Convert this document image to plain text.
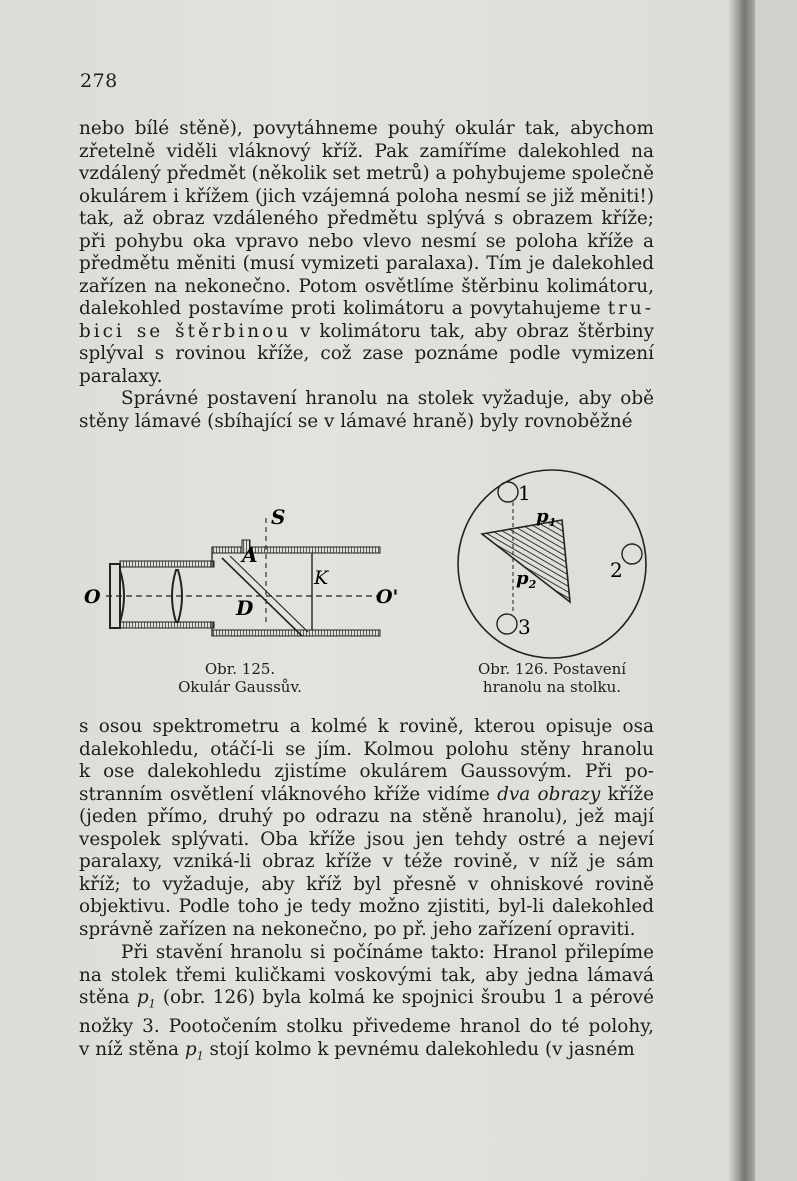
278
nebo bílé stěně), povytáhneme pouhý okulár tak, abychom
zřetelně viděli vláknový kříž. Pak zamíříme dalekohled na
vzdálený předmět (několik set metrů) a pohybujeme společně
okulárem i křížem (jich vzájemná poloha nesmí se již měniti!)
tak, až obraz vzdáleného předmětu splývá s obrazem kříže;
při pohybu oka vpravo nebo vlevo nesmí se poloha kříže a
předmětu měniti (musí vymizeti paralaxa). Tím je dalekohled
zařízen na nekonečno. Potom osvětlíme štěrbinu kolimátoru,
dalekohled postavíme proti kolimátoru a povytahujeme tru-
bici se štěrbinou v kolimátoru tak, aby obraz štěrbiny
splýval s rovinou kříže, což zase poznáme podle vymizení
paralaxy.
Správné postavení hranolu na stolek vyžaduje, aby obě
stěny lámavé (sbíhající se v lámavé hraně) byly rovnoběžné
S
A
K
O	O'
D
Obr. 125.
Okulár Gaussův.
1
2
3
$p_1$
$p_2$
Obr. 126. Postavení
hranolu na stolku.
s osou spektrometru a kolmé k rovině, kterou opisuje osa
dalekohledu, otáčí-li se jím. Kolmou polohu stěny hranolu
k ose dalekohledu zjistíme okulárem Gaussovým. Při po-
stranním osvětlení vláknového kříže vidíme dva obrazy kříže
(jeden přímo, druhý po odrazu na stěně hranolu), jež mají
vespolek splývati. Oba kříže jsou jen tehdy ostré a nejeví
paralaxy, vzniká-li obraz kříže v téže rovině, v níž je sám
kříž; to vyžaduje, aby kříž byl přesně v ohniskové rovině
objektivu. Podle toho je tedy možno zjistiti, byl-li dalekohled
správně zařízen na nekonečno, po př. jeho zařízení opraviti.
Při stavění hranolu si počínáme takto: Hranol přilepíme
na stolek třemi kuličkami voskovými tak, aby jedna lámavá
stěna $p_1$ (obr. 126) byla kolmá ke spojnici šroubu 1 a pérové
nožky 3. Pootočením stolku přivedeme hranol do té polohy,
v níž stěna $p_1$ stojí kolmo k pevnému dalekohledu (v jasném
